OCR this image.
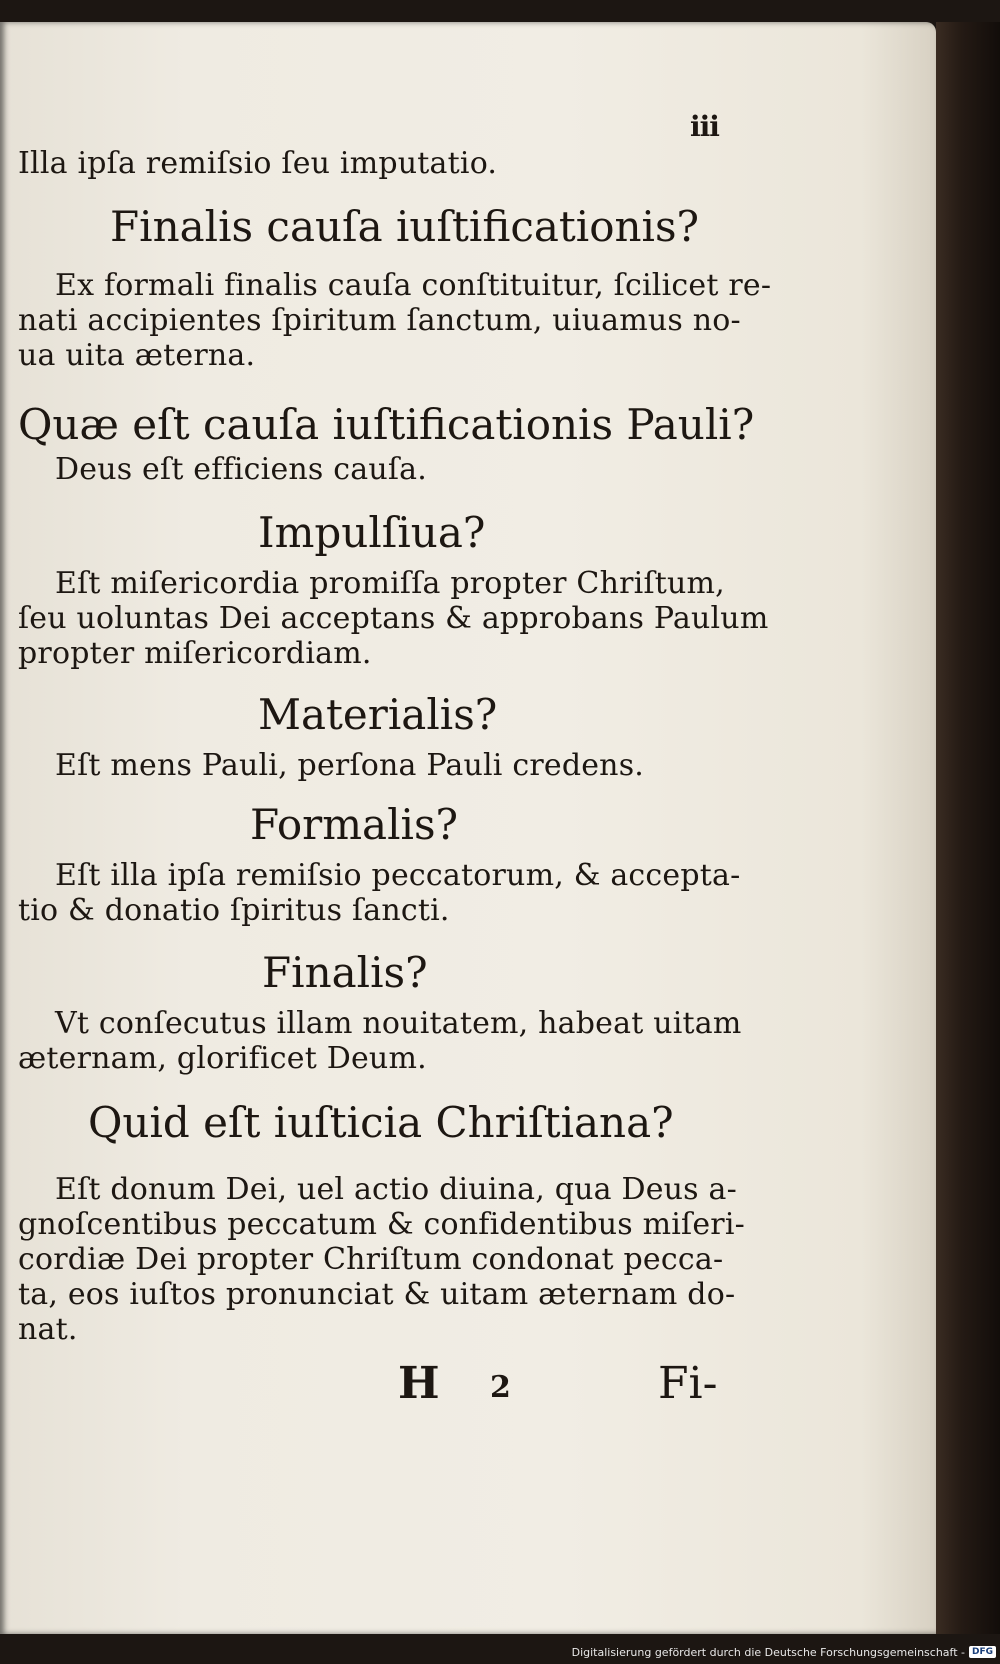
iii

Illa ipſa remiſsio ſeu imputatio.

Finalis cauſa iuſtificationis?

Ex formali finalis cauſa conſtituitur, ſcilicet re-

nati accipientes ſpiritum ſanctum, uiuamus no-

ua uita æterna.

Quæ eſt cauſa iuſtificationis Pauli?

Deus eſt efficiens cauſa.

Impulſiua?

Eſt miſericordia promiſſa propter Chriſtum,

ſeu uoluntas Dei acceptans & approbans Paulum

propter miſericordiam.

Materialis?

Eſt mens Pauli, perſona Pauli credens.

Formalis?

Eſt illa ipſa remiſsio peccatorum, & accepta-

tio & donatio ſpiritus ſancti.

Finalis?

Vt conſecutus illam nouitatem, habeat uitam

æternam, glorificet Deum.

Quid eſt iuſticia Chriſtiana?

Eſt donum Dei, uel actio diuina, qua Deus a-

gnoſcentibus peccatum & confidentibus miſeri-

cordiæ Dei propter Chriſtum condonat pecca-

ta, eos iuſtos pronunciat & uitam æternam do-

nat.

H 2	Fi-

Digitalisierung gefördert durch die Deutsche Forschungsgemeinschaft - DFG
